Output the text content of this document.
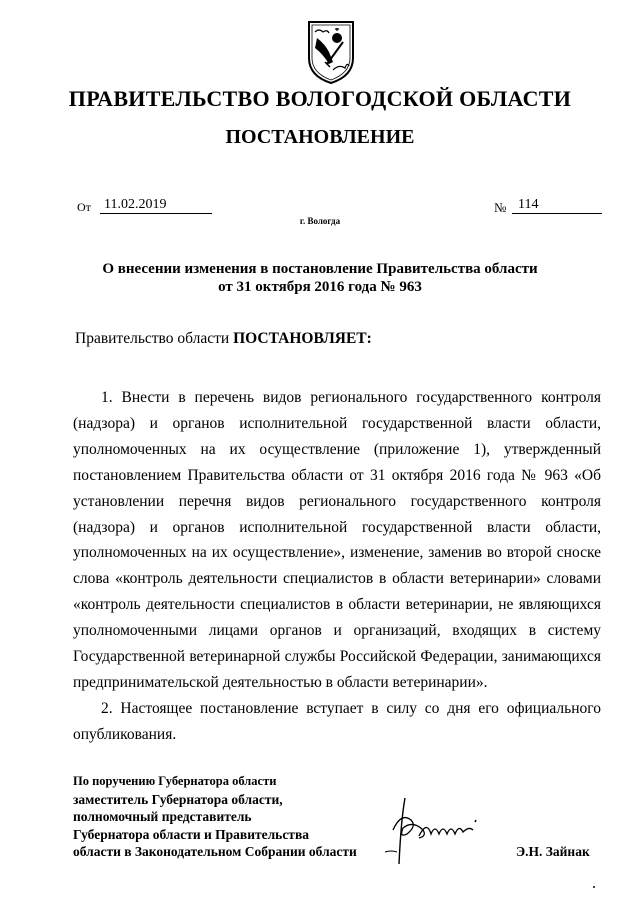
ПРАВИТЕЛЬСТВО ВОЛОГОДСКОЙ ОБЛАСТИ
ПОСТАНОВЛЕНИЕ
От 11.02.2019	№ 114
г. Вологда
О внесении изменения в постановление Правительства области
от 31 октября 2016 года № 963
Правительство области ПОСТАНОВЛЯЕТ:

1. Внести в перечень видов регионального государственного контроля (надзора) и органов исполнительной государственной власти области, уполномоченных на их осуществление (приложение 1), утвержденный постановлением Правительства области от 31 октября 2016 года № 963 «Об установлении перечня видов регионального государственного контроля (надзора) и органов исполнительной государственной власти области, уполномоченных на их осуществление», изменение, заменив во второй сноске слова «контроль деятельности специалистов в области ветеринарии» словами «контроль деятельности специалистов в области ветеринарии, не являющихся уполномоченными лицами органов и организаций, входящих в систему Государственной ветеринарной службы Российской Федерации, занимающихся предпринимательской деятельностью в области ветеринарии».

2. Настоящее постановление вступает в силу со дня его официального опубликования.

По поручению Губернатора области
заместитель Губернатора области,
полномочный представитель
Губернатора области и Правительства
области в Законодательном Собрании области	Э.Н. Зайнак
